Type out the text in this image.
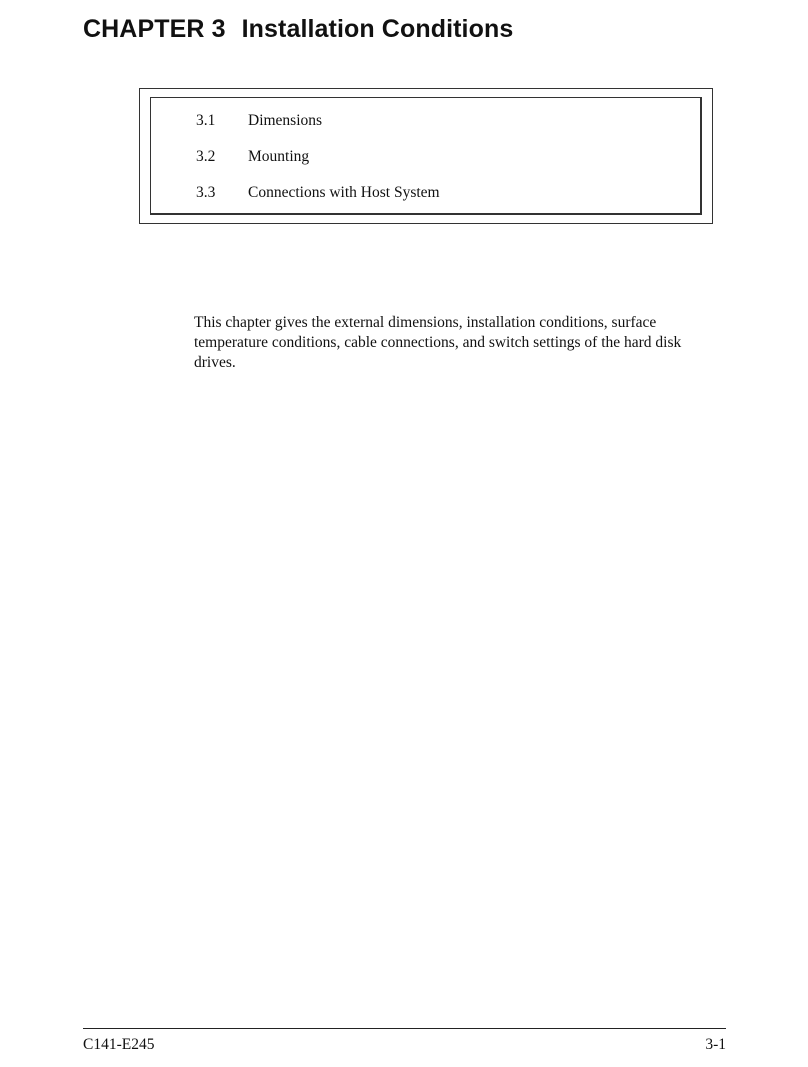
CHAPTER 3 Installation Conditions
3.1 Dimensions
3.2 Mounting
3.3 Connections with Host System

This chapter gives the external dimensions, installation conditions, surface temperature conditions, cable connections, and switch settings of the hard disk drives.

C141-E245	3-1
